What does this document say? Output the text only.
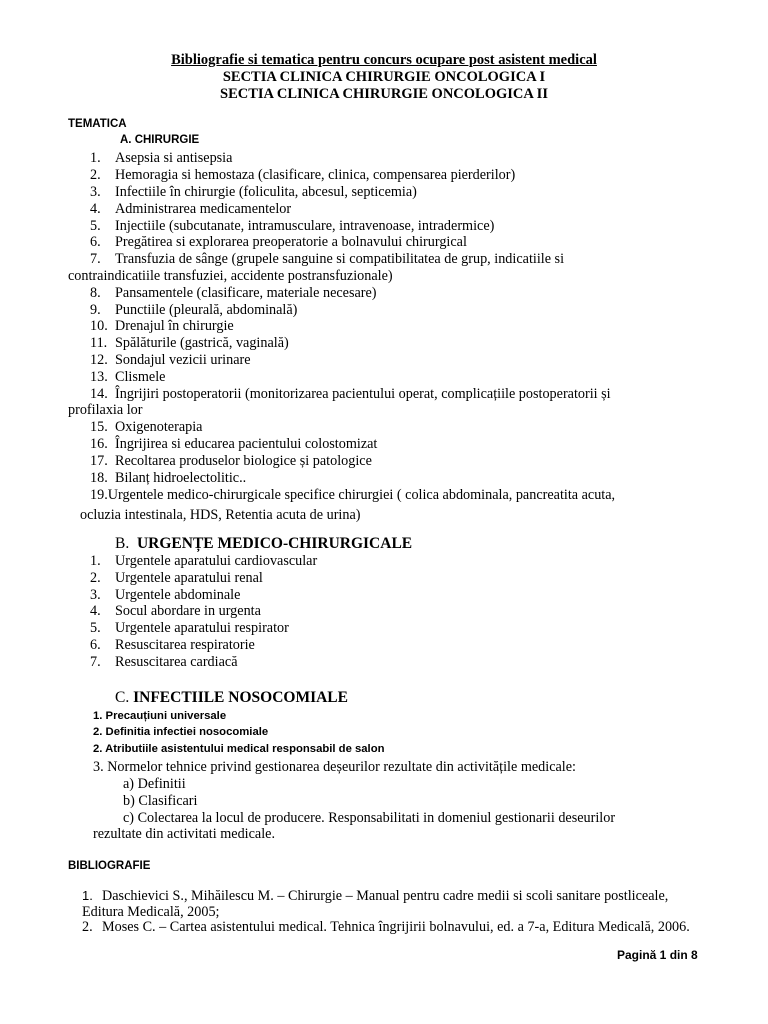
Bibliografie si tematica pentru concurs ocupare post asistent medical
SECTIA CLINICA CHIRURGIE ONCOLOGICA I
SECTIA CLINICA CHIRURGIE ONCOLOGICA II
TEMATICA
A. CHIRURGIE
1. Asepsia si antisepsia
2. Hemoragia si hemostaza (clasificare, clinica, compensarea pierderilor)
3. Infectiile în chirurgie (foliculita, abcesul, septicemia)
4. Administrarea medicamentelor
5. Injectiile (subcutanate, intramusculare, intravenoase, intradermice)
6. Pregătirea si explorarea preoperatorie a bolnavului chirurgical
7. Transfuzia de sânge (grupele sanguine si compatibilitatea de grup, indicatiile si
contraindicatiile transfuziei, accidente postransfuzionale)
8. Pansamentele (clasificare, materiale necesare)
9. Punctiile (pleurală, abdominală)
10. Drenajul în chirurgie
11. Spălăturile (gastrică, vaginală)
12. Sondajul vezicii urinare
13. Clismele
14. Îngrijiri postoperatorii (monitorizarea pacientului operat, complicațiile postoperatorii și
profilaxia lor
15. Oxigenoterapia
16. Îngrijirea si educarea pacientului colostomizat
17. Recoltarea produselor biologice și patologice
18. Bilanț hidroelectolitic..
19.Urgentele medico-chirurgicale specifice chirurgiei ( colica abdominala, pancreatita acuta,
ocluzia intestinala, HDS, Retentia acuta de urina)
B. URGENȚE MEDICO-CHIRURGICALE
1. Urgentele aparatului cardiovascular
2. Urgentele aparatului renal
3. Urgentele abdominale
4. Socul abordare in urgenta
5. Urgentele aparatului respirator
6. Resuscitarea respiratorie
7. Resuscitarea cardiacă
C. INFECTIILE NOSOCOMIALE
1. Precauțiuni universale
2. Definitia infectiei nosocomiale
2. Atributiile asistentului medical responsabil de salon
3. Normelor tehnice privind gestionarea deșeurilor rezultate din activitățile medicale:
a) Definitii
b) Clasificari
c) Colectarea la locul de producere. Responsabilitati in domeniul gestionarii deseurilor
rezultate din activitati medicale.
BIBLIOGRAFIE
1. Daschievici S., Mihăilescu M. – Chirurgie – Manual pentru cadre medii si scoli sanitare postliceale,
Editura Medicală, 2005;
2. Moses C. – Cartea asistentului medical. Tehnica îngrijirii bolnavului, ed. a 7-a, Editura Medicală, 2006.
Pagină 1 din 8
